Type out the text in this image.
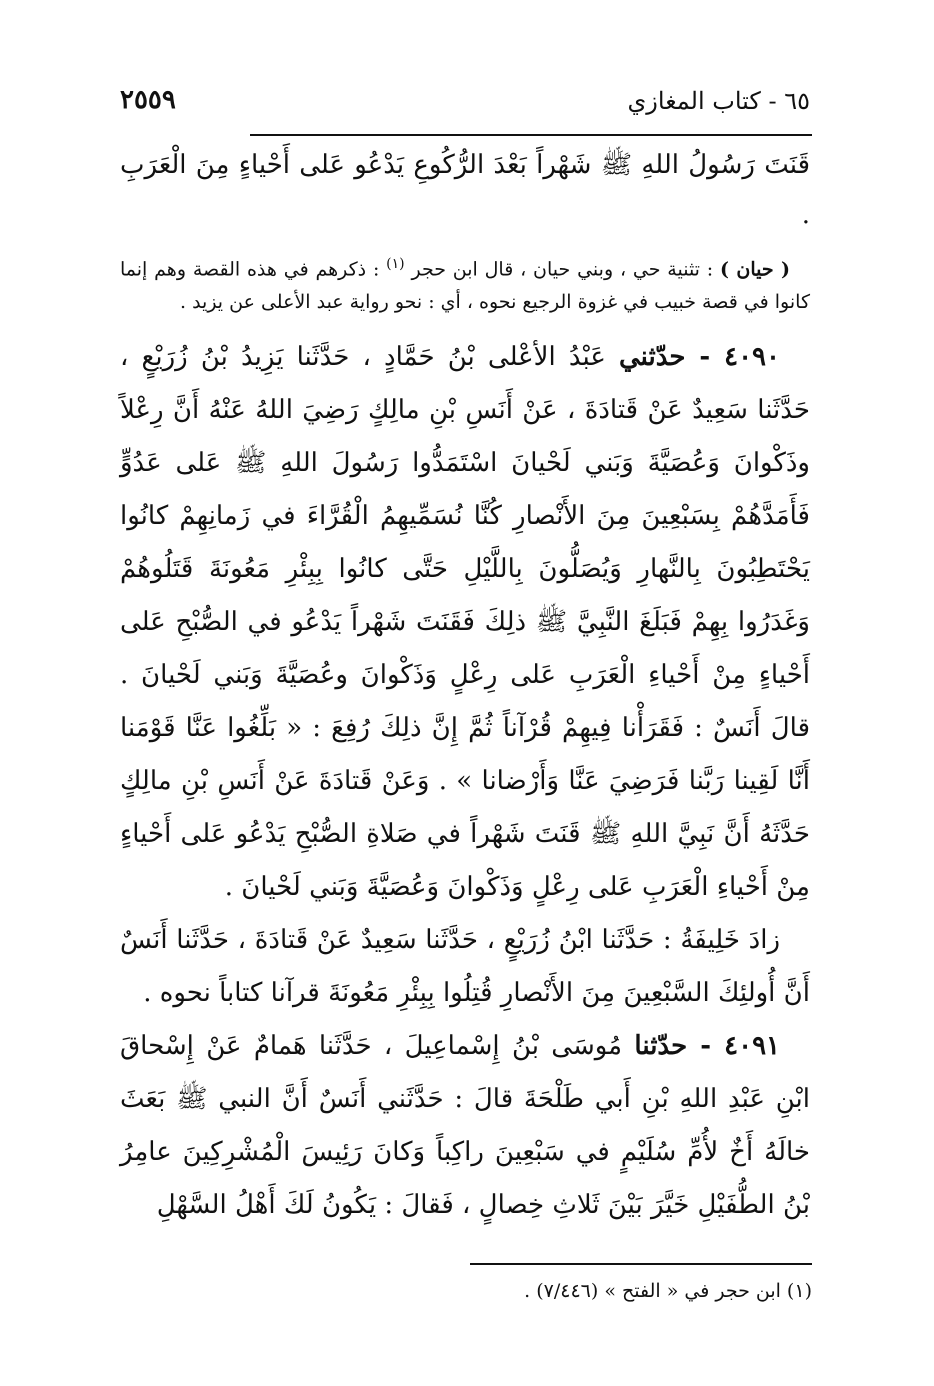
٢٥٥٩	٦٥ - كتاب المغازي

قَنَتَ رَسُولُ اللهِ ﷺ شَهْراً بَعْدَ الرُّكُوعِ يَدْعُو عَلى أَحْياءٍ مِنَ الْعَرَبِ .

( حيان ) : تثنية حي ، وبني حيان ، قال ابن حجر $^{(١)}$ : ذكرهم في هذه القصة وهم إنما كانوا في قصة خبيب في غزوة الرجيع نحوه ، أي : نحو رواية عبد الأعلى عن يزيد .

٤٠٩٠ - حدّثني عَبْدُ الأعْلى بْنُ حَمَّادٍ ، حَدَّثَنا يَزِيدُ بْنُ زُرَيْعٍ ، حَدَّثَنا سَعِيدٌ عَنْ قَتادَةَ ، عَنْ أَنَسِ بْنِ مالِكٍ رَضِيَ اللهُ عَنْهُ أَنَّ رِعْلاً وذَكْوانَ وَعُصَيَّةَ وَبَني لَحْيانَ اسْتَمَدُّوا رَسُولَ اللهِ ﷺ عَلى عَدُوٍّ فَأَمَدَّهُمْ بِسَبْعِينَ مِنَ الأَنْصارِ كُنَّا نُسَمِّيهِمُ الْقُرَّاءَ في زَمانِهِمْ كانُوا يَحْتَطِبُونَ بِالنَّهارِ وَيُصَلُّونَ بِاللَّيْلِ حَتَّى كانُوا بِبِئْرِ مَعُونَةَ قَتَلُوهُمْ وَغَدَرُوا بِهِمْ فَبَلَغَ النَّبِيَّ ﷺ ذلِكَ فَقَنَتَ شَهْراً يَدْعُو في الصُّبْحِ عَلى أَحْياءٍ مِنْ أَحْياءِ الْعَرَبِ عَلى رِعْلٍ وَذَكْوانَ وعُصَيَّةَ وَبَني لَحْيانَ . قالَ أَنَسٌ : فَقَرَأْنا فِيهِمْ قُرْآناً ثُمَّ إِنَّ ذلِكَ رُفِعَ : « بَلِّغُوا عَنَّا قَوْمَنا أَنَّا لَقِينا رَبَّنا فَرَضِيَ عَنَّا وَأَرْضانا » . وَعَنْ قَتادَةَ عَنْ أَنَسِ بْنِ مالِكٍ حَدَّثَهُ أَنَّ نَبِيَّ اللهِ ﷺ قَنَتَ شَهْراً في صَلاةِ الصُّبْحِ يَدْعُو عَلى أَحْياءٍ مِنْ أَحْياءِ الْعَرَبِ عَلى رِعْلٍ وَذَكْوانَ وَعُصَيَّةَ وَبَني لَحْيانَ .

زادَ خَلِيفَةُ : حَدَّثَنا ابْنُ زُرَيْعٍ ، حَدَّثَنا سَعِيدٌ عَنْ قَتادَةَ ، حَدَّثَنا أَنَسٌ أَنَّ أُولئِكَ السَّبْعِينَ مِنَ الأَنْصارِ قُتِلُوا بِبِئْرِ مَعُونَةَ قرآنا كتاباً نحوه .

٤٠٩١ - حدّثنا مُوسَى بْنُ إِسْماعِيلَ ، حَدَّثَنا هَمامٌ عَنْ إِسْحاقَ ابْنِ عَبْدِ اللهِ بْنِ أَبي طَلْحَةَ قالَ : حَدَّثَني أَنَسٌ أَنَّ النبي ﷺ بَعَثَ خالَهُ أَخٌ لأُمِّ سُلَيْمٍ في سَبْعِينَ راكِباً وَكانَ رَئِيسَ الْمُشْرِكِينَ عامِرُ بْنُ الطُّفَيْلِ خَيَّرَ بَيْنَ ثَلاثِ خِصالٍ ، فَقالَ : يَكُونُ لَكَ أَهْلُ السَّهْلِ

(١) ابن حجر في « الفتح » (٧/٤٤٦) .
